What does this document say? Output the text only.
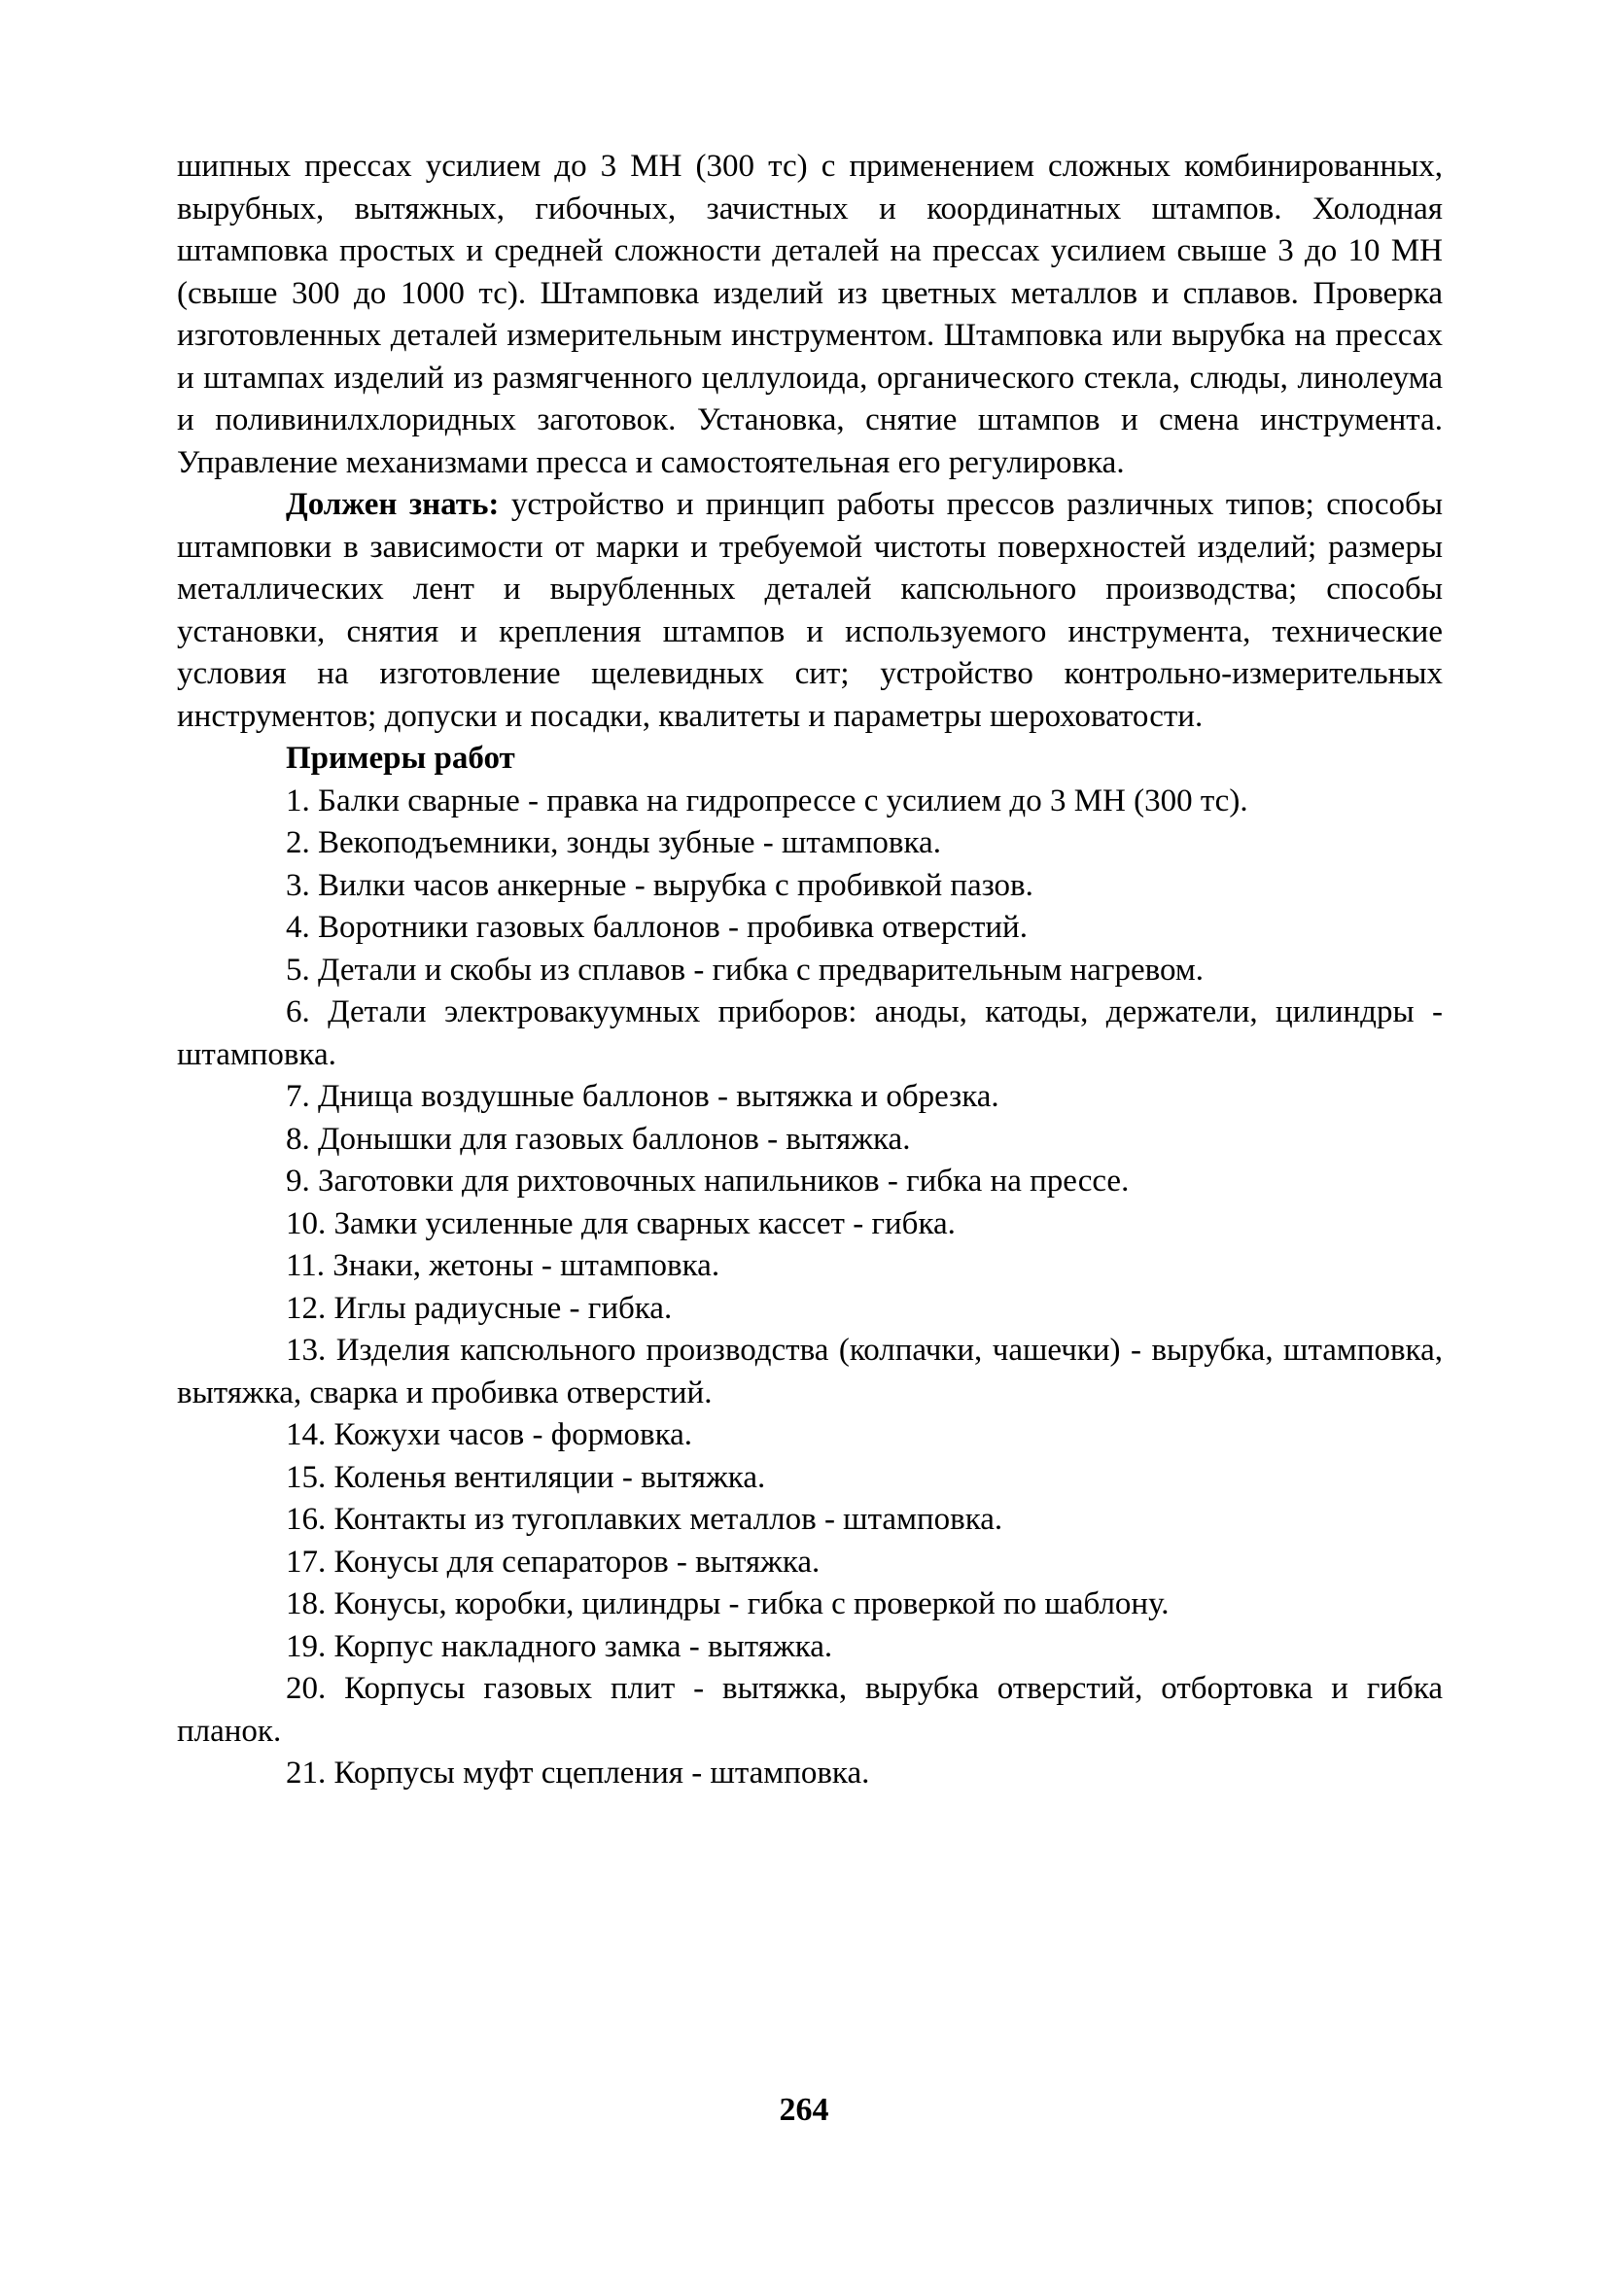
шипных прессах усилием до 3 МН (300 тс) с применением сложных комбинированных, вырубных, вытяжных, гибочных, зачистных и координатных штампов. Холодная штамповка простых и средней сложности деталей на прессах усилием свыше 3 до 10 МН (свыше 300 до 1000 тс). Штамповка изделий из цветных металлов и сплавов. Проверка изготовленных деталей измерительным инструментом. Штамповка или вырубка на прессах и штампах изделий из размягченного целлулоида, органического стекла, слюды, линолеума и поливинилхлоридных заготовок. Установка, снятие штампов и смена инструмента. Управление механизмами пресса и самостоятельная его регулировка.

Должен знать: устройство и принцип работы прессов различных типов; способы штамповки в зависимости от марки и требуемой чистоты поверхностей изделий; размеры металлических лент и вырубленных деталей капсюльного производства; способы установки, снятия и крепления штампов и используемого инструмента, технические условия на изготовление щелевидных сит; устройство контрольно-измерительных инструментов; допуски и посадки, квалитеты и параметры шероховатости.

Примеры работ

1. Балки сварные - правка на гидропрессе с усилием до 3 МН (300 тс).
2. Векоподъемники, зонды зубные - штамповка.
3. Вилки часов анкерные - вырубка с пробивкой пазов.
4. Воротники газовых баллонов - пробивка отверстий.
5. Детали и скобы из сплавов - гибка с предварительным нагревом.
6. Детали электровакуумных приборов: аноды, катоды, держатели, цилиндры - штамповка.
7. Днища воздушные баллонов - вытяжка и обрезка.
8. Донышки для газовых баллонов - вытяжка.
9. Заготовки для рихтовочных напильников - гибка на прессе.
10. Замки усиленные для сварных кассет - гибка.
11. Знаки, жетоны - штамповка.
12. Иглы радиусные - гибка.
13. Изделия капсюльного производства (колпачки, чашечки) - вырубка, штамповка, вытяжка, сварка и пробивка отверстий.
14. Кожухи часов - формовка.
15. Коленья вентиляции - вытяжка.
16. Контакты из тугоплавких металлов - штамповка.
17. Конусы для сепараторов - вытяжка.
18. Конусы, коробки, цилиндры - гибка с проверкой по шаблону.
19. Корпус накладного замка - вытяжка.
20. Корпусы газовых плит - вытяжка, вырубка отверстий, отбортовка и гибка планок.
21. Корпусы муфт сцепления - штамповка.
264
